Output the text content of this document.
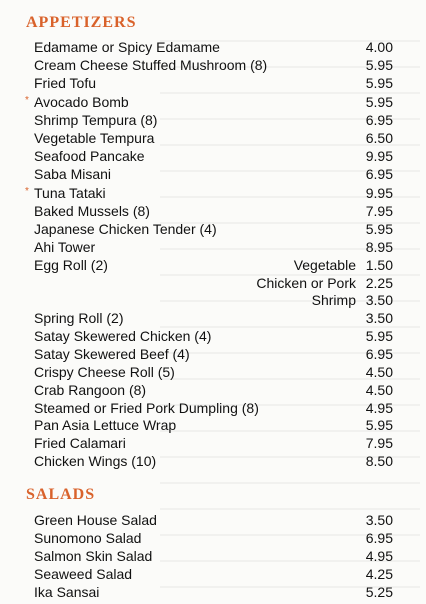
APPETIZERS
Edamame or Spicy Edamame	4.00
Cream Cheese Stuffed Mushroom (8)	5.95
Fried Tofu	5.95
* Avocado Bomb	5.95
Shrimp Tempura (8)	6.95
Vegetable Tempura	6.50
Seafood Pancake	9.95
Saba Misani	6.95
* Tuna Tataki	9.95
Baked Mussels (8)	7.95
Japanese Chicken Tender (4)	5.95
Ahi Tower	8.95
Egg Roll (2)	Vegetable 1.50
Chicken or Pork 2.25
Shrimp 3.50
Spring Roll (2)	3.50
Satay Skewered Chicken (4)	5.95
Satay Skewered Beef (4)	6.95
Crispy Cheese Roll (5)	4.50
Crab Rangoon (8)	4.50
Steamed or Fried Pork Dumpling (8)	4.95
Pan Asia Lettuce Wrap	5.95
Fried Calamari	7.95
Chicken Wings (10)	8.50
SALADS
Green House Salad	3.50
Sunomono Salad	6.95
Salmon Skin Salad	4.95
Seaweed Salad	4.25
Ika Sansai	5.25
